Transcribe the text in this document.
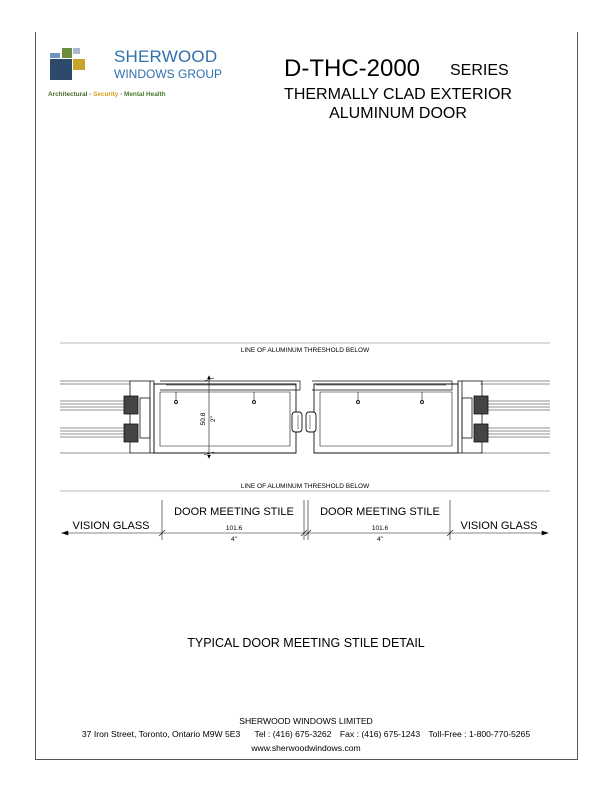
SHERWOOD
WINDOWS GROUP
Architectural - Security - Mental Health
D-THC-2000 SERIES
THERMALLY CLAD EXTERIOR
ALUMINUM DOOR
LINE OF ALUMINUM THRESHOLD BELOW
LINE OF ALUMINUM THRESHOLD BELOW
50.8 2"
VISION GLASS
DOOR MEETING STILE DOOR MEETING STILE
VISION GLASS
101.6
4"
101.6
4"
TYPICAL DOOR MEETING STILE DETAIL
SHERWOOD WINDOWS LIMITED
37 Iron Street, Toronto, Ontario M9W 5E3 Tel : (416) 675-3262 Fax : (416) 675-1243 Toll-Free : 1-800-770-5265
www.sherwoodwindows.com
